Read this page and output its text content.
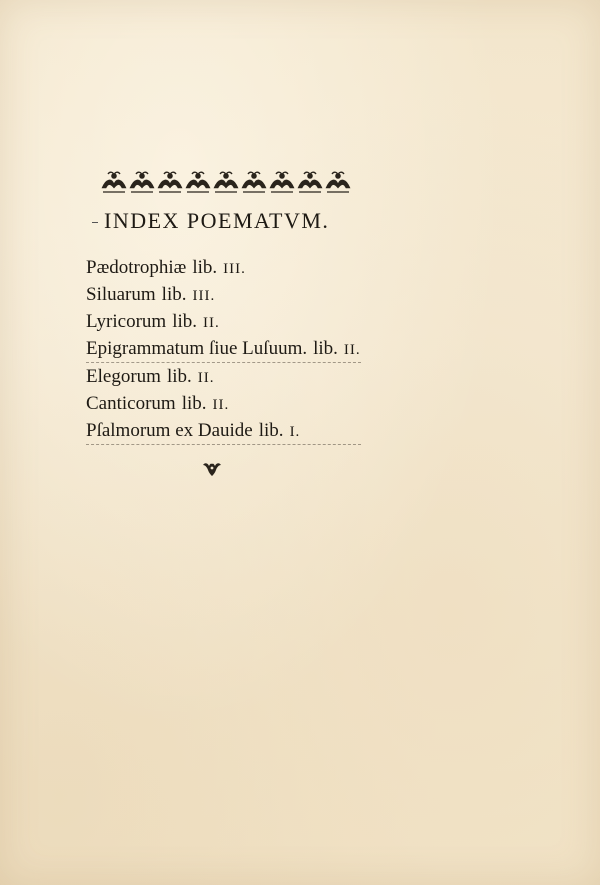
INDEX POEMATVM.
Pædotrophiæ lib. III.
Siluarum lib. III.
Lyricorum lib. II.
Epigrammatum ſiue Luſuum. lib. II.
Elegorum lib. II.
Canticorum lib. II.
Pſalmorum ex Dauide lib. I.
